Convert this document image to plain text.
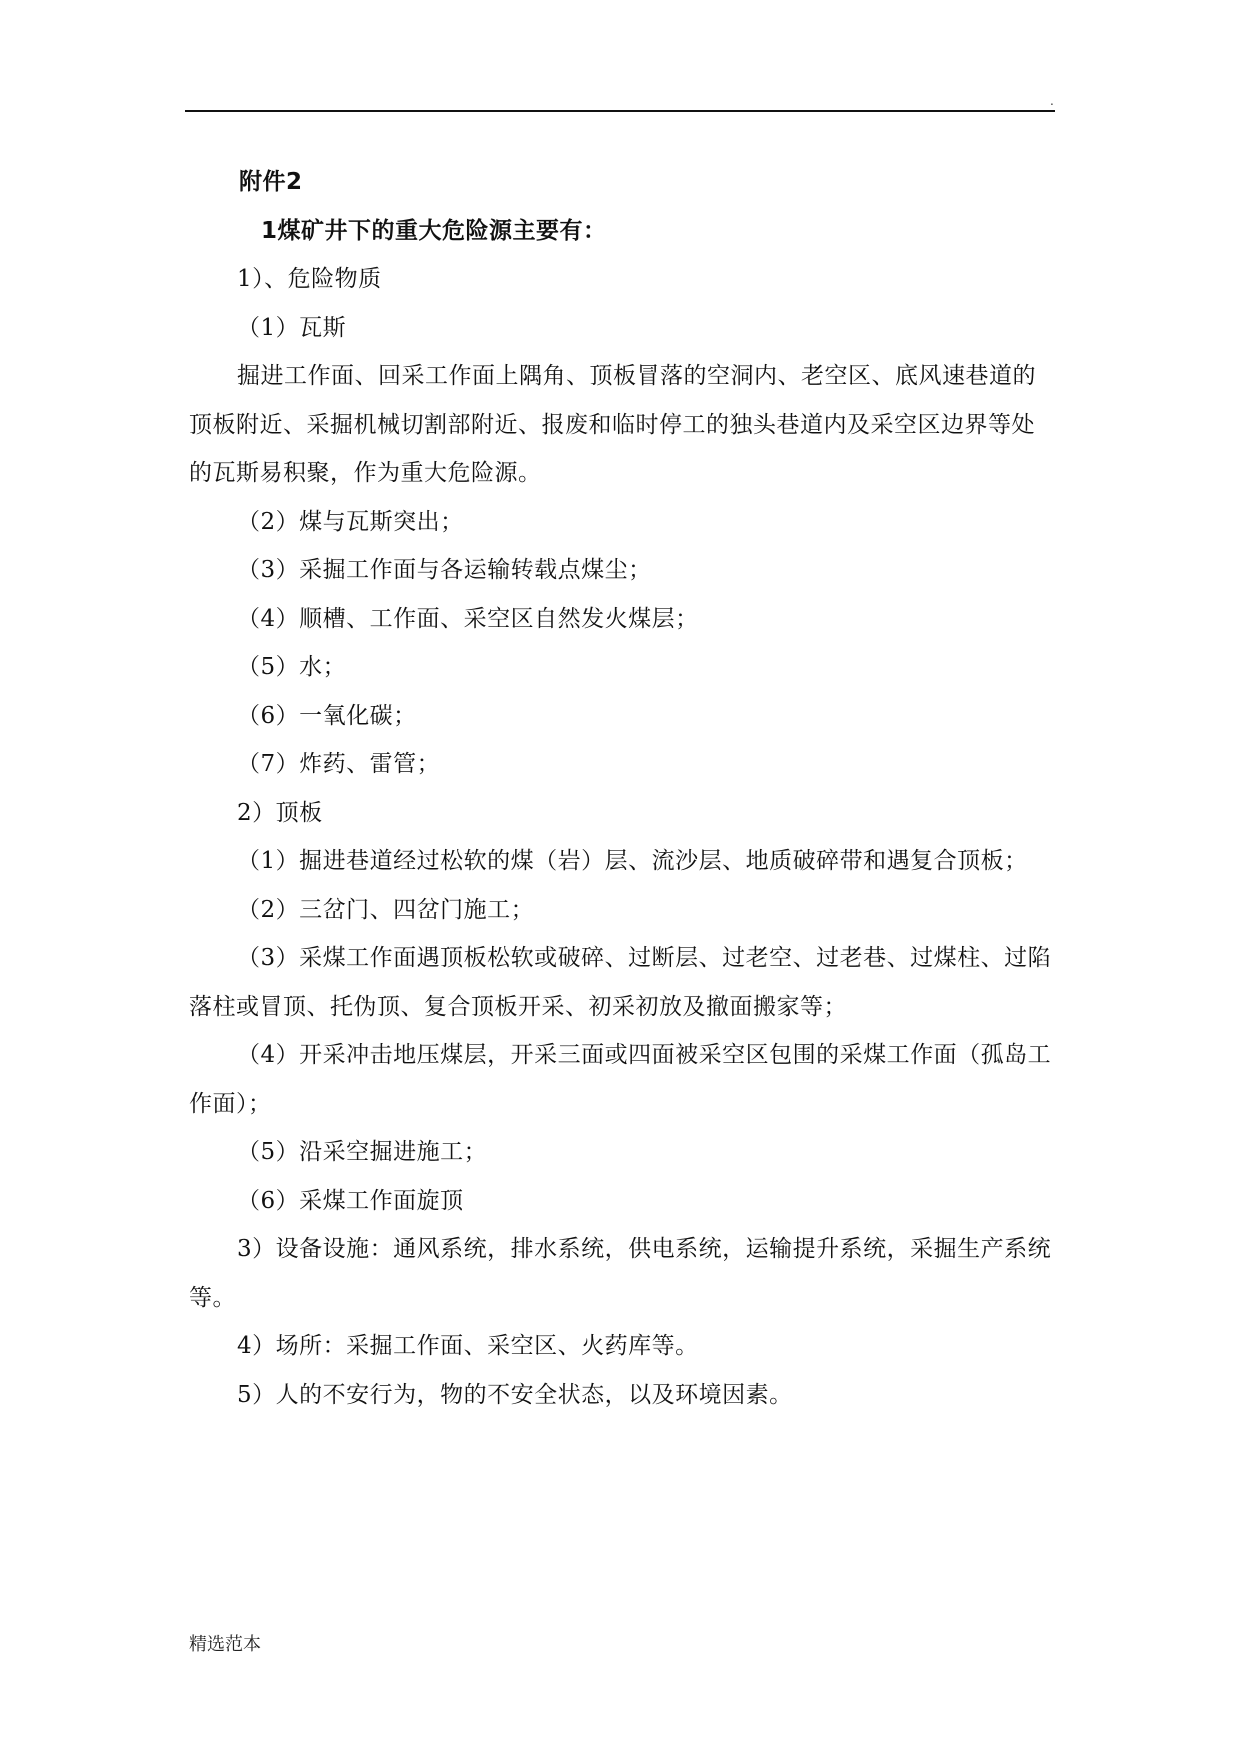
.

附件2

1煤矿井下的重大危险源主要有：

1）、危险物质

（1）瓦斯

掘进工作面、回采工作面上隅角、顶板冒落的空洞内、老空区、底风速巷道的顶板附近、采掘机械切割部附近、报废和临时停工的独头巷道内及采空区边界等处的瓦斯易积聚，作为重大危险源。

（2）煤与瓦斯突出；

（3）采掘工作面与各运输转载点煤尘；

（4）顺槽、工作面、采空区自然发火煤层；

（5）水；

（6）一氧化碳；

（7）炸药、雷管；

2）顶板

（1）掘进巷道经过松软的煤（岩）层、流沙层、地质破碎带和遇复合顶板；

（2）三岔门、四岔门施工；

（3）采煤工作面遇顶板松软或破碎、过断层、过老空、过老巷、过煤柱、过陷落柱或冒顶、托伪顶、复合顶板开采、初采初放及撤面搬家等；

（4）开采冲击地压煤层，开采三面或四面被采空区包围的采煤工作面（孤岛工作面）；

（5）沿采空掘进施工；

（6）采煤工作面旋顶

3）设备设施：通风系统，排水系统，供电系统，运输提升系统，采掘生产系统等。

4）场所：采掘工作面、采空区、火药库等。

5）人的不安行为，物的不安全状态，以及环境因素。

精选范本
